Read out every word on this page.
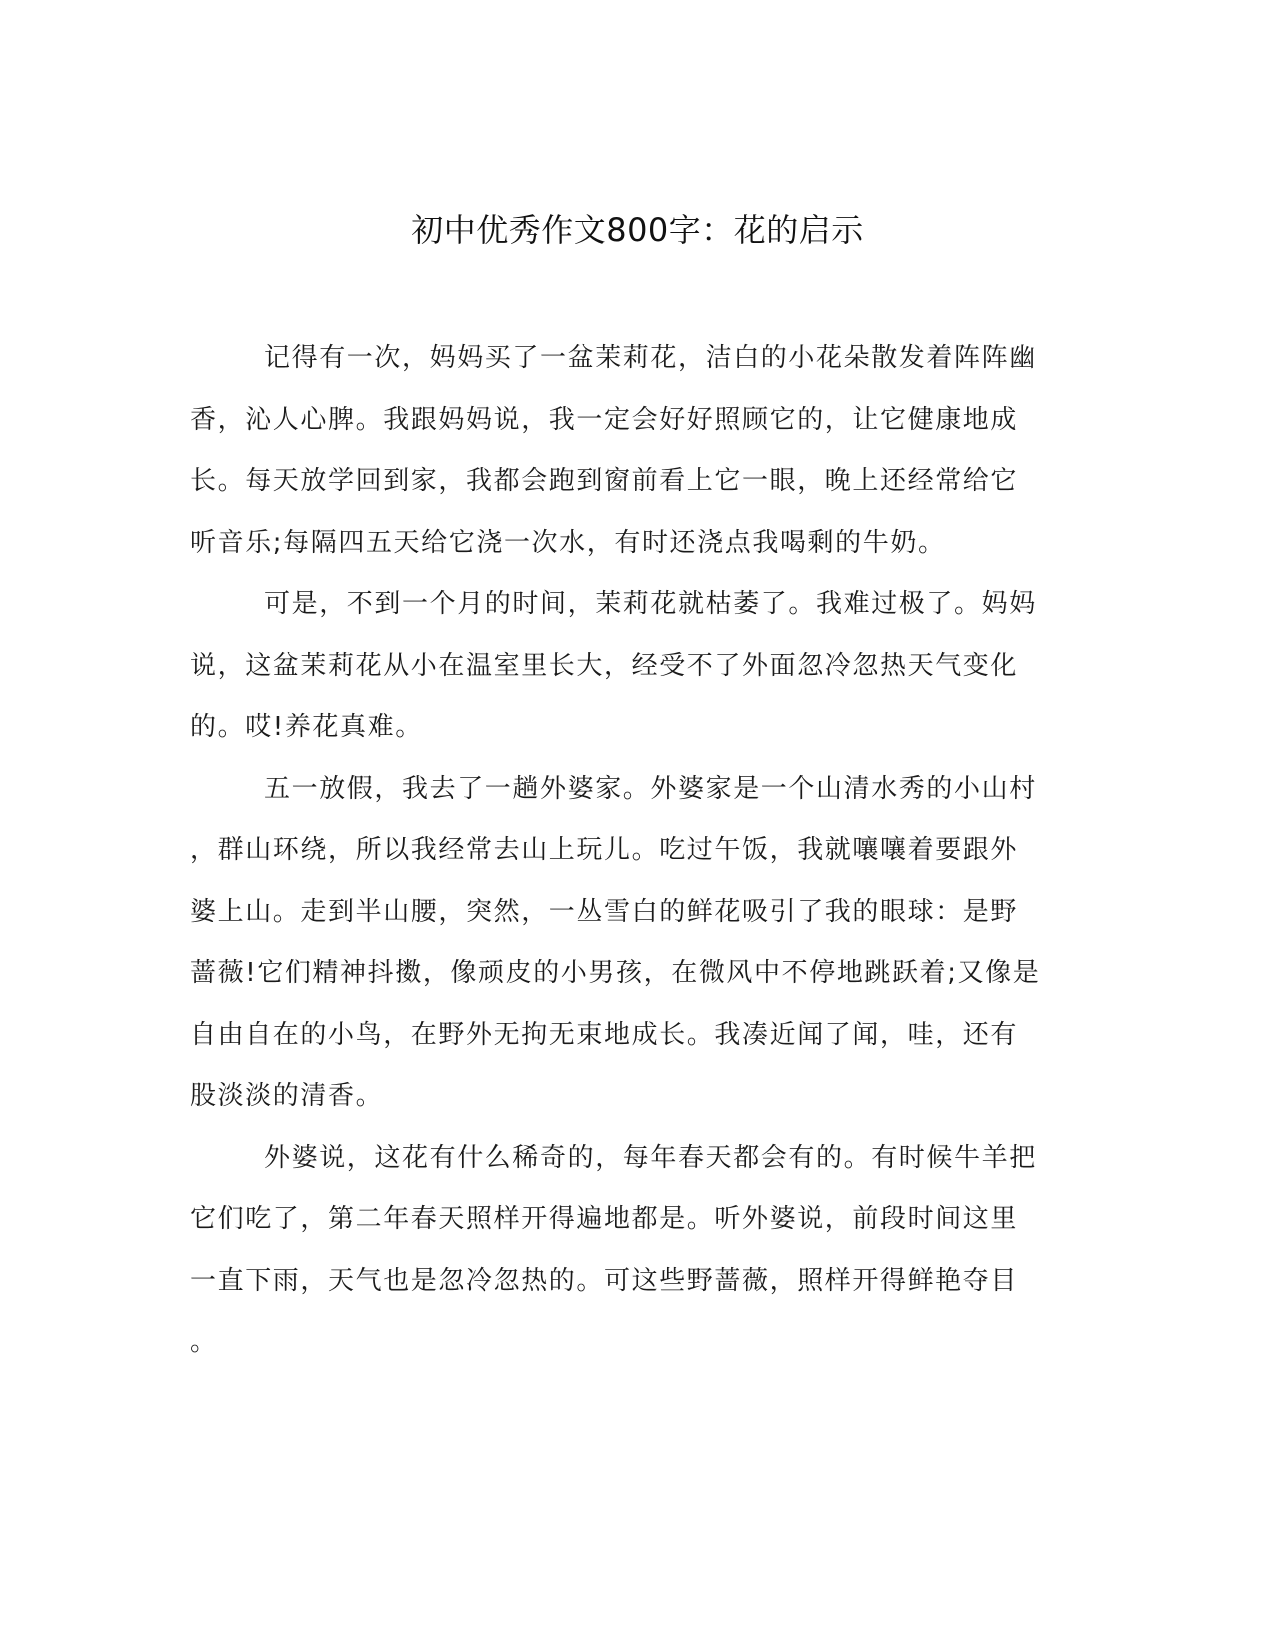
初中优秀作文800字：花的启示
记得有一次，妈妈买了一盆茉莉花，洁白的小花朵散发着阵阵幽
香，沁人心脾。我跟妈妈说，我一定会好好照顾它的，让它健康地成
长。每天放学回到家，我都会跑到窗前看上它一眼，晚上还经常给它
听音乐;每隔四五天给它浇一次水，有时还浇点我喝剩的牛奶。
可是，不到一个月的时间，茉莉花就枯萎了。我难过极了。妈妈
说，这盆茉莉花从小在温室里长大，经受不了外面忽冷忽热天气变化
的。哎!养花真难。
五一放假，我去了一趟外婆家。外婆家是一个山清水秀的小山村
，群山环绕，所以我经常去山上玩儿。吃过午饭，我就嚷嚷着要跟外
婆上山。走到半山腰，突然，一丛雪白的鲜花吸引了我的眼球：是野
蔷薇!它们精神抖擞，像顽皮的小男孩，在微风中不停地跳跃着;又像是
自由自在的小鸟，在野外无拘无束地成长。我凑近闻了闻，哇，还有
股淡淡的清香。
外婆说，这花有什么稀奇的，每年春天都会有的。有时候牛羊把
它们吃了，第二年春天照样开得遍地都是。听外婆说，前段时间这里
一直下雨，天气也是忽冷忽热的。可这些野蔷薇，照样开得鲜艳夺目
。
